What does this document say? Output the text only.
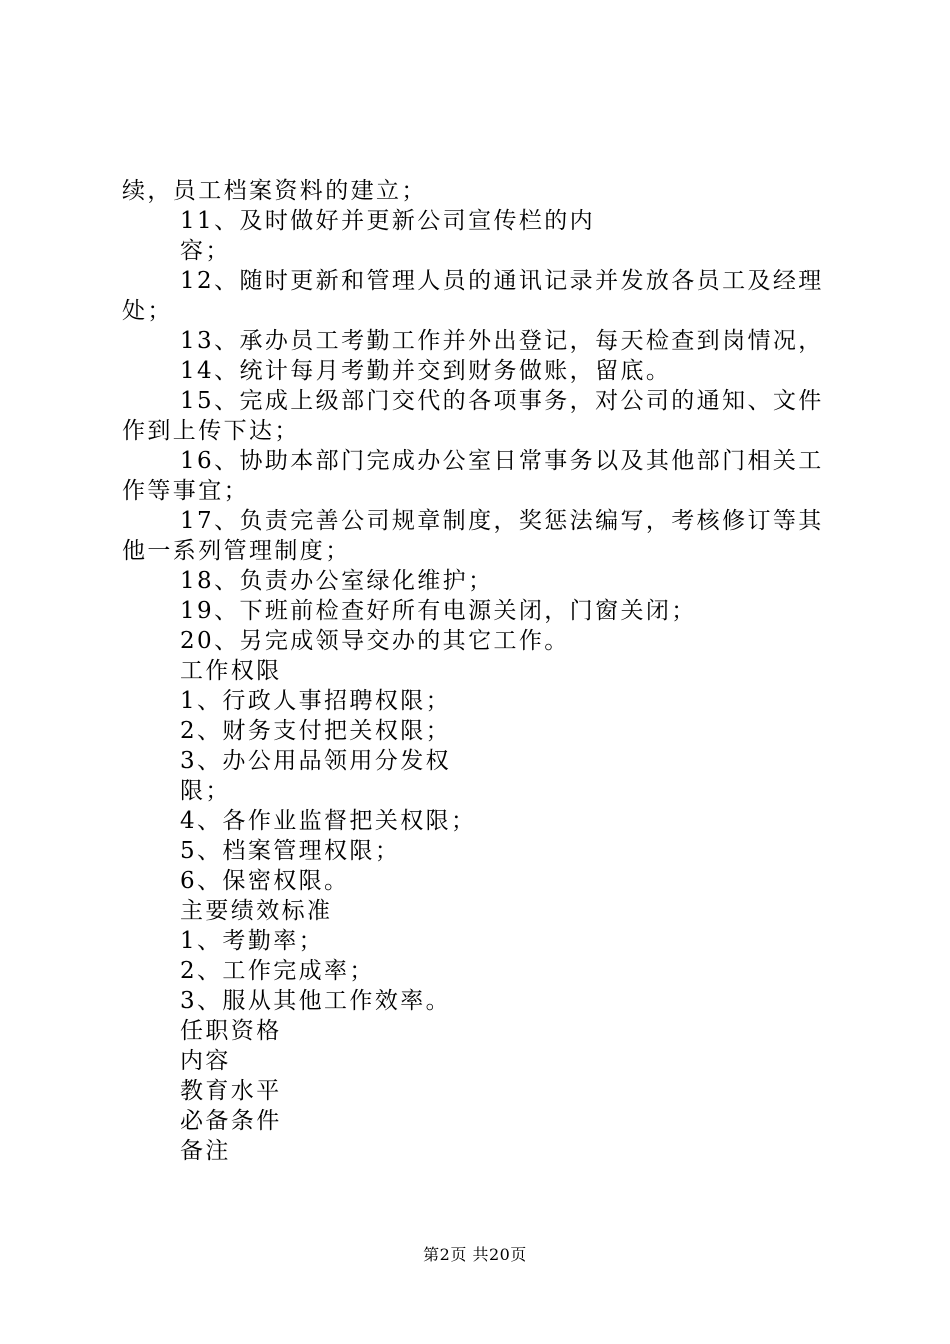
续，员工档案资料的建立；
11、及时做好并更新公司宣传栏的内
容；
12、随时更新和管理人员的通讯记录并发放各员工及经理
处；
13、承办员工考勤工作并外出登记，每天检查到岗情况，
14、统计每月考勤并交到财务做账，留底。
15、完成上级部门交代的各项事务，对公司的通知、文件
作到上传下达；
16、协助本部门完成办公室日常事务以及其他部门相关工
作等事宜；
17、负责完善公司规章制度，奖惩法编写，考核修订等其
他一系列管理制度；
18、负责办公室绿化维护；
19、下班前检查好所有电源关闭，门窗关闭；
20、另完成领导交办的其它工作。
工作权限
1、行政人事招聘权限；
2、财务支付把关权限；
3、办公用品领用分发权
限；
4、各作业监督把关权限；
5、档案管理权限；
6、保密权限。
主要绩效标准
1、考勤率；
2、工作完成率；
3、服从其他工作效率。
任职资格
内容
教育水平
必备条件
备注
第2页 共20页
